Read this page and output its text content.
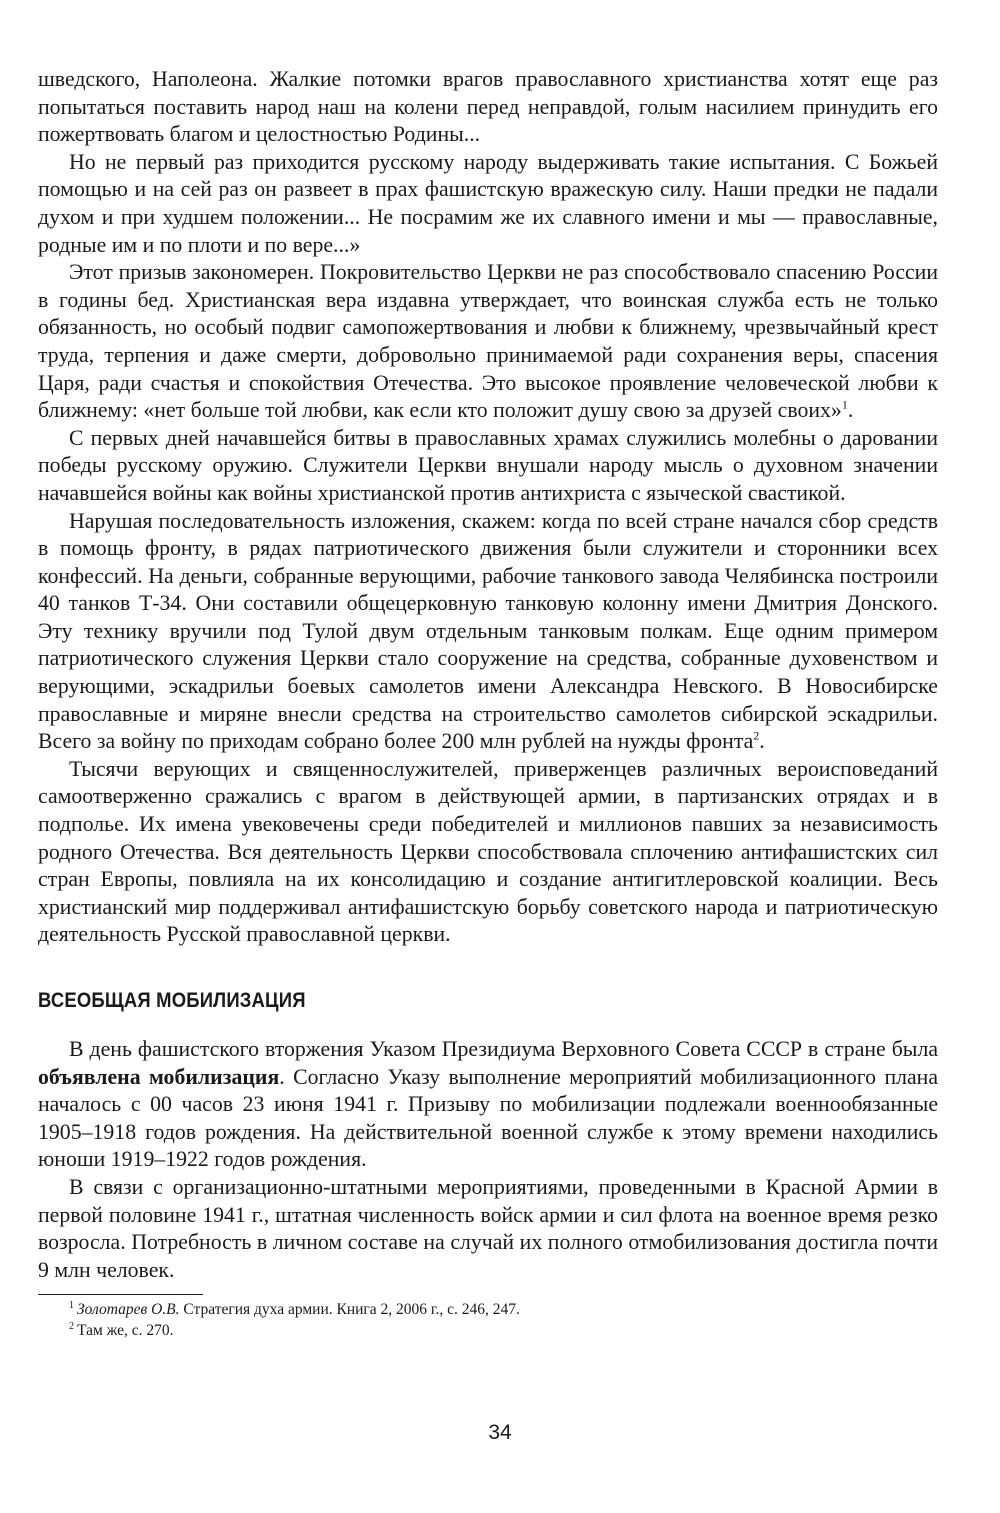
шведского, Наполеона. Жалкие потомки врагов православного христианства хотят еще раз попытаться поставить народ наш на колени перед неправдой, голым насилием принудить его пожертвовать благом и целостностью Родины...

Но не первый раз приходится русскому народу выдерживать такие испытания. С Божьей помощью и на сей раз он развеет в прах фашистскую вражескую силу. Наши предки не падали духом и при худшем положении... Не посрамим же их славного имени и мы — православные, родные им и по плоти и по вере...»

Этот призыв закономерен. Покровительство Церкви не раз способствовало спасению России в годины бед. Христианская вера издавна утверждает, что воинская служба есть не только обязанность, но особый подвиг самопожертвования и любви к ближнему, чрезвычайный крест труда, терпения и даже смерти, добровольно принимаемой ради сохранения веры, спасения Царя, ради счастья и спокойствия Отечества. Это высокое проявление человеческой любви к ближнему: «нет больше той любви, как если кто положит душу свою за друзей своих»$^1$.

С первых дней начавшейся битвы в православных храмах служились молебны о даровании победы русскому оружию. Служители Церкви внушали народу мысль о духовном значении начавшейся войны как войны христианской против антихриста с языческой свастикой.

Нарушая последовательность изложения, скажем: когда по всей стране начался сбор средств в помощь фронту, в рядах патриотического движения были служители и сторонники всех конфессий. На деньги, собранные верующими, рабочие танкового завода Челябинска построили 40 танков Т-34. Они составили общецерковную танковую колонну имени Дмитрия Донского. Эту технику вручили под Тулой двум отдельным танковым полкам. Еще одним примером патриотического служения Церкви стало сооружение на средства, собранные духовенством и верующими, эскадрильи боевых самолетов имени Александра Невского. В Новосибирске православные и миряне внесли средства на строительство самолетов сибирской эскадрильи. Всего за войну по приходам собрано более 200 млн рублей на нужды фронта$^2$.

Тысячи верующих и священнослужителей, приверженцев различных вероисповеданий самоотверженно сражались с врагом в действующей армии, в партизанских отрядах и в подполье. Их имена увековечены среди победителей и миллионов павших за независимость родного Отечества. Вся деятельность Церкви способствовала сплочению антифашистских сил стран Европы, повлияла на их консолидацию и создание антигитлеровской коалиции. Весь христианский мир поддерживал антифашистскую борьбу советского народа и патриотическую деятельность Русской православной церкви.

ВСЕОБЩАЯ МОБИЛИЗАЦИЯ

В день фашистского вторжения Указом Президиума Верховного Совета СССР в стране была объявлена мобилизация. Согласно Указу выполнение мероприятий мобилизационного плана началось с 00 часов 23 июня 1941 г. Призыву по мобилизации подлежали военнообязанные 1905–1918 годов рождения. На действительной военной службе к этому времени находились юноши 1919–1922 годов рождения.

В связи с организационно-штатными мероприятиями, проведенными в Красной Армии в первой половине 1941 г., штатная численность войск армии и сил флота на военное время резко возросла. Потребность в личном составе на случай их полного отмобилизования достигла почти 9 млн человек.

$^1$ Золотарев О.В. Стратегия духа армии. Книга 2, 2006 г., с. 246, 247.

$^2$ Там же, с. 270.

34
